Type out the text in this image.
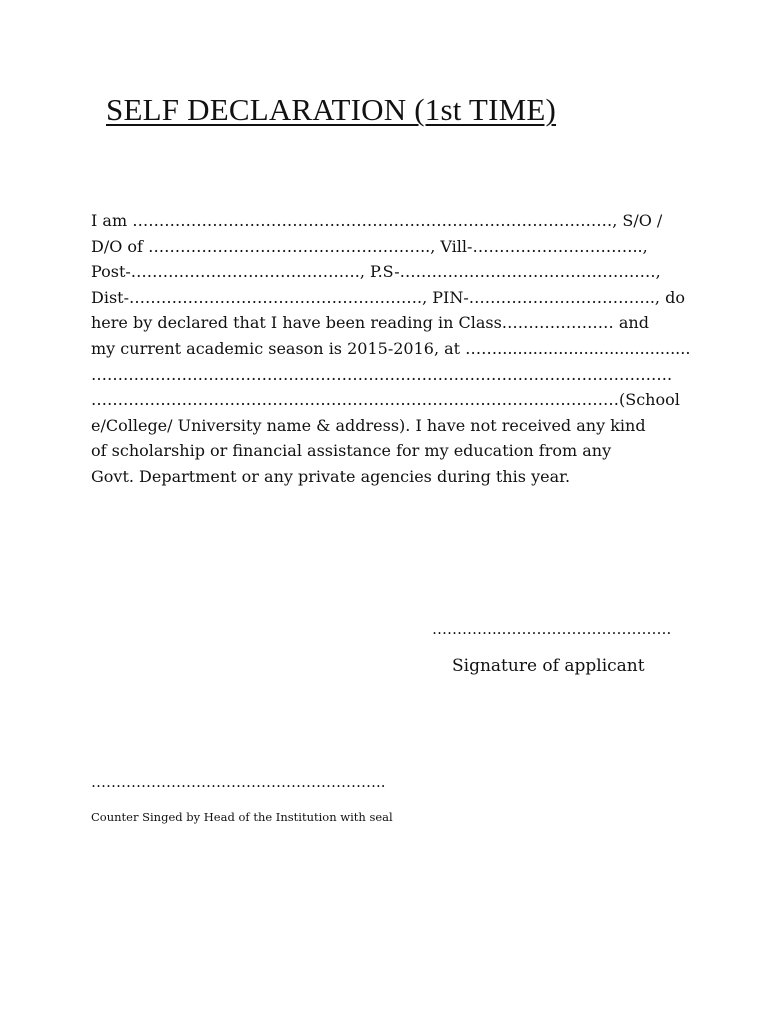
SELF DECLARATION (1st TIME)
I am ………………………………………………………………………………, S/O /
D/O of …………………………………………….., Vill-…………………………..,
Post-……………………………………., P.S-…………………………………………,
Dist-………………………………………………., PIN-…………………………….., do
here by declared that I have been reading in Class………………… and
my current academic season is 2015-2016, at ……......................................
……………………………………………………………………………………………….
………………………………………………………………………………………(School
e/College/ University name & address). I have not received any kind
of scholarship or financial assistance for my education from any
Govt. Department or any private agencies during this year.
…………..…………………………….
Signature of applicant
…………………………………………………..
Counter Singed by Head of the Institution with seal
